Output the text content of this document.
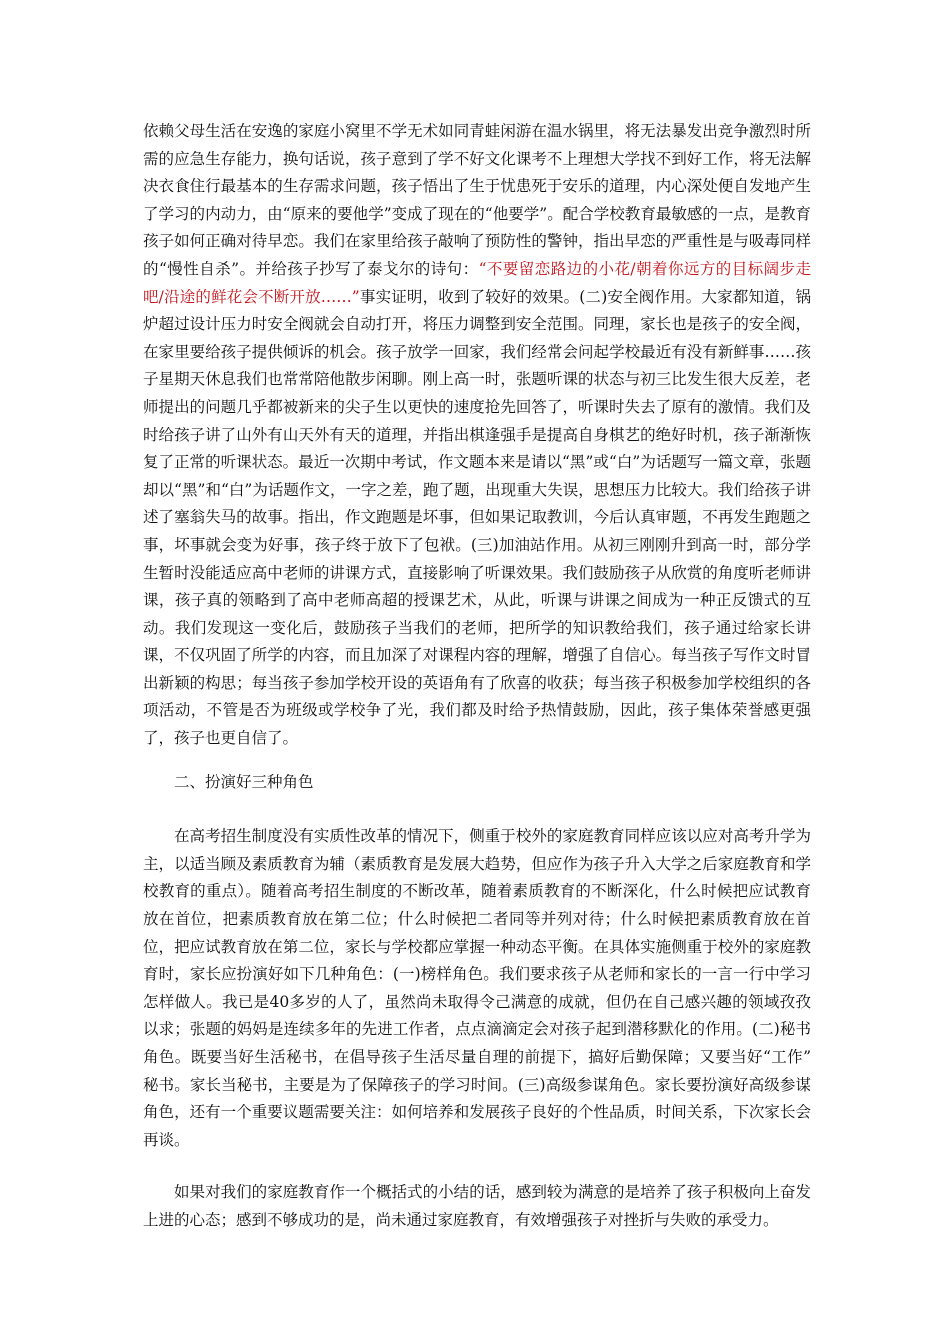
依赖父母生活在安逸的家庭小窝里不学无术如同青蛙闲游在温水锅里，将无法暴发出竞争激烈时所需的应急生存能力，换句话说，孩子意到了学不好文化课考不上理想大学找不到好工作，将无法解决衣食住行最基本的生存需求问题，孩子悟出了生于忧患死于安乐的道理，内心深处便自发地产生了学习的内动力，由“原来的要他学”变成了现在的“他要学”。配合学校教育最敏感的一点，是教育孩子如何正确对待早恋。我们在家里给孩子敲响了预防性的警钟，指出早恋的严重性是与吸毒同样的“慢性自杀”。并给孩子抄写了泰戈尔的诗句：“不要留恋路边的小花/朝着你远方的目标阔步走吧/沿途的鲜花会不断开放……”事实证明，收到了较好的效果。(二)安全阀作用。大家都知道，锅炉超过设计压力时安全阀就会自动打开，将压力调整到安全范围。同理，家长也是孩子的安全阀，在家里要给孩子提供倾诉的机会。孩子放学一回家，我们经常会问起学校最近有没有新鲜事……孩子星期天休息我们也常常陪他散步闲聊。刚上高一时，张题听课的状态与初三比发生很大反差，老师提出的问题几乎都被新来的尖子生以更快的速度抢先回答了，听课时失去了原有的激情。我们及时给孩子讲了山外有山天外有天的道理，并指出棋逢强手是提高自身棋艺的绝好时机，孩子渐渐恢复了正常的听课状态。最近一次期中考试，作文题本来是请以“黑”或“白”为话题写一篇文章，张题却以“黑”和“白”为话题作文，一字之差，跑了题，出现重大失误，思想压力比较大。我们给孩子讲述了塞翁失马的故事。指出，作文跑题是坏事，但如果记取教训，今后认真审题，不再发生跑题之事，坏事就会变为好事，孩子终于放下了包袱。(三)加油站作用。从初三刚刚升到高一时，部分学生暂时没能适应高中老师的讲课方式，直接影响了听课效果。我们鼓励孩子从欣赏的角度听老师讲课，孩子真的领略到了高中老师高超的授课艺术，从此，听课与讲课之间成为一种正反馈式的互动。我们发现这一变化后，鼓励孩子当我们的老师，把所学的知识教给我们，孩子通过给家长讲课，不仅巩固了所学的内容，而且加深了对课程内容的理解，增强了自信心。每当孩子写作文时冒出新颖的构思；每当孩子参加学校开设的英语角有了欣喜的收获；每当孩子积极参加学校组织的各项活动，不管是否为班级或学校争了光，我们都及时给予热情鼓励，因此，孩子集体荣誉感更强了，孩子也更自信了。

二、扮演好三种角色

在高考招生制度没有实质性改革的情况下，侧重于校外的家庭教育同样应该以应对高考升学为主，以适当顾及素质教育为辅（素质教育是发展大趋势，但应作为孩子升入大学之后家庭教育和学校教育的重点）。随着高考招生制度的不断改革，随着素质教育的不断深化，什么时候把应试教育放在首位，把素质教育放在第二位；什么时候把二者同等并列对待；什么时候把素质教育放在首位，把应试教育放在第二位，家长与学校都应掌握一种动态平衡。在具体实施侧重于校外的家庭教育时，家长应扮演好如下几种角色：(一)榜样角色。我们要求孩子从老师和家长的一言一行中学习怎样做人。我已是40多岁的人了，虽然尚未取得令己满意的成就，但仍在自己感兴趣的领域孜孜以求；张题的妈妈是连续多年的先进工作者，点点滴滴定会对孩子起到潜移默化的作用。(二)秘书角色。既要当好生活秘书，在倡导孩子生活尽量自理的前提下，搞好后勤保障；又要当好“工作” 秘书。家长当秘书，主要是为了保障孩子的学习时间。(三)高级参谋角色。家长要扮演好高级参谋角色，还有一个重要议题需要关注：如何培养和发展孩子良好的个性品质，时间关系，下次家长会再谈。

如果对我们的家庭教育作一个概括式的小结的话，感到较为满意的是培养了孩子积极向上奋发上进的心态；感到不够成功的是，尚未通过家庭教育，有效增强孩子对挫折与失败的承受力。
